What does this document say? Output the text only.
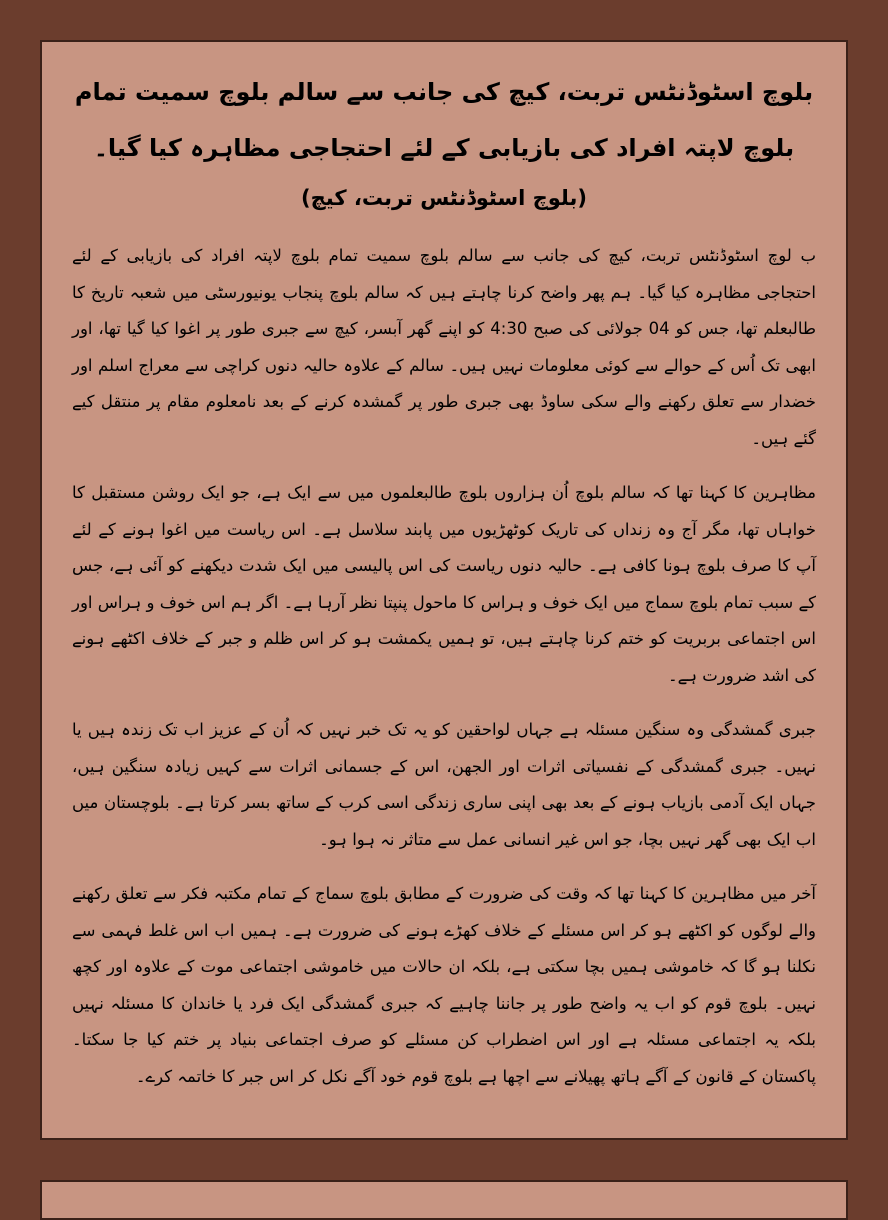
بلوچ اسٹوڈنٹس تربت، کیچ کی جانب سے سالم بلوچ سمیت تمام بلوچ لاپتہ افراد کی بازیابی کے لئے احتجاجی مظاہرہ کیا گیا۔
(بلوچ اسٹوڈنٹس تربت، کیچ)

ب لوچ اسٹوڈنٹس تربت، کیچ کی جانب سے سالم بلوچ سمیت تمام بلوچ لاپتہ افراد کی بازیابی کے لئے احتجاجی مظاہرہ کیا گیا۔ ہم پھر واضح کرنا چاہتے ہیں کہ سالم بلوچ پنجاب یونیورسٹی میں شعبہ تاریخ کا طالبعلم تھا، جس کو 04 جولائی کی صبح 4:30 کو اپنے گھر آبسر، کیچ سے جبری طور پر اغوا کیا گیا تھا، اور ابھی تک اُس کے حوالے سے کوئی معلومات نہیں ہیں۔ سالم کے علاوہ حالیہ دنوں کراچی سے معراج اسلم اور خضدار سے تعلق رکھنے والے سکی ساوڈ بھی جبری طور پر گمشدہ کرنے کے بعد نامعلوم مقام پر منتقل کیے گئے ہیں۔

مظاہرین کا کہنا تھا کہ سالم بلوچ اُن ہزاروں بلوچ طالبعلموں میں سے ایک ہے، جو ایک روشن مستقبل کا خواہاں تھا، مگر آج وہ زنداں کی تاریک کوٹھڑیوں میں پابند سلاسل ہے۔ اس ریاست میں اغوا ہونے کے لئے آپ کا صرف بلوچ ہونا کافی ہے۔ حالیہ دنوں ریاست کی اس پالیسی میں ایک شدت دیکھنے کو آئی ہے، جس کے سبب تمام بلوچ سماج میں ایک خوف و ہراس کا ماحول پنپتا نظر آرہا ہے۔ اگر ہم اس خوف و ہراس اور اس اجتماعی بربریت کو ختم کرنا چاہتے ہیں، تو ہمیں یکمشت ہو کر اس ظلم و جبر کے خلاف اکٹھے ہونے کی اشد ضرورت ہے۔

جبری گمشدگی وہ سنگین مسئلہ ہے جہاں لواحقین کو یہ تک خبر نہیں کہ اُن کے عزیز اب تک زندہ ہیں یا نہیں۔ جبری گمشدگی کے نفسیاتی اثرات اور الجھن، اس کے جسمانی اثرات سے کہیں زیادہ سنگین ہیں، جہاں ایک آدمی بازیاب ہونے کے بعد بھی اپنی ساری زندگی اسی کرب کے ساتھ بسر کرتا ہے۔ بلوچستان میں اب ایک بھی گھر نہیں بچا، جو اس غیر انسانی عمل سے متاثر نہ ہوا ہو۔

آخر میں مظاہرین کا کہنا تھا کہ وقت کی ضرورت کے مطابق بلوچ سماج کے تمام مکتبہ فکر سے تعلق رکھنے والے لوگوں کو اکٹھے ہو کر اس مسئلے کے خلاف کھڑے ہونے کی ضرورت ہے۔ ہمیں اب اس غلط فہمی سے نکلنا ہو گا کہ خاموشی ہمیں بچا سکتی ہے، بلکہ ان حالات میں خاموشی اجتماعی موت کے علاوہ اور کچھ نہیں۔ بلوچ قوم کو اب یہ واضح طور پر جاننا چاہیے کہ جبری گمشدگی ایک فرد یا خاندان کا مسئلہ نہیں بلکہ یہ اجتماعی مسئلہ ہے اور اس اضطراب کن مسئلے کو صرف اجتماعی بنیاد پر ختم کیا جا سکتا۔ پاکستان کے قانون کے آگے ہاتھ پھیلانے سے اچھا ہے بلوچ قوم خود آگے نکل کر اس جبر کا خاتمہ کرے۔
